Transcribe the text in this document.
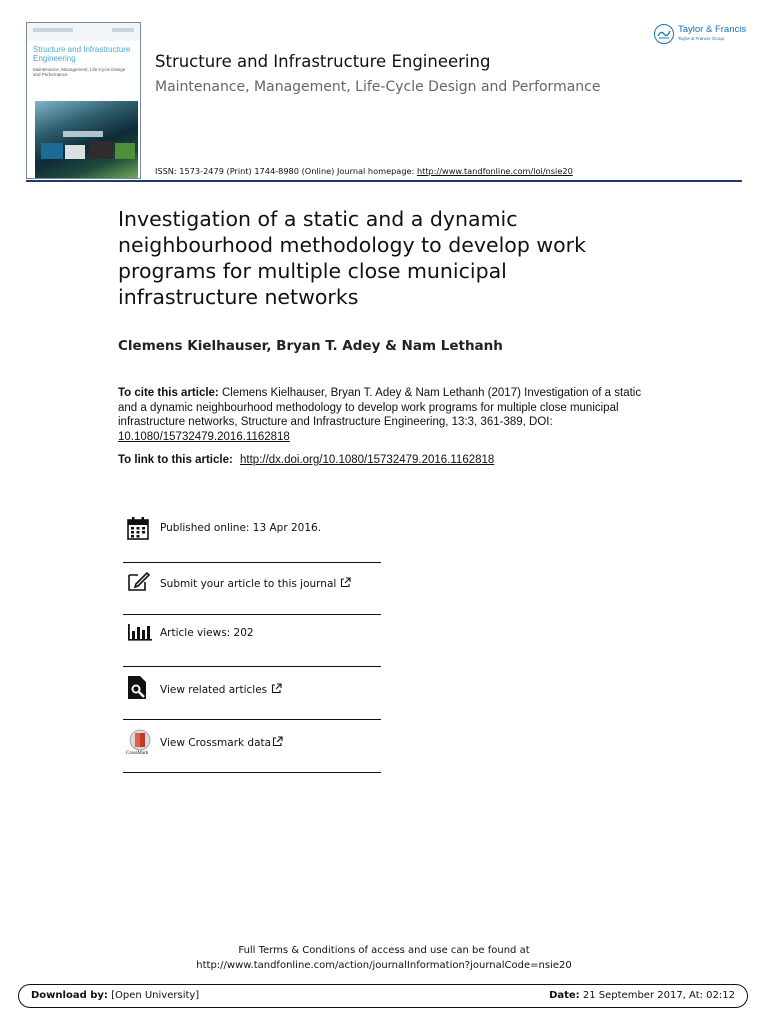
Structure and Infrastructure Engineering
Maintenance, Management, Life-Cycle Design and Performance
Structure and Infrastructure Engineering
Maintenance, Management, Life-Cycle Design and Performance
ISSN: 1573-2479 (Print) 1744-8980 (Online) Journal homepage: http://www.tandfonline.com/loi/nsie20
Taylor & Francis
Taylor & Francis Group
Investigation of a static and a dynamic neighbourhood methodology to develop work programs for multiple close municipal infrastructure networks
Clemens Kielhauser, Bryan T. Adey & Nam Lethanh
To cite this article: Clemens Kielhauser, Bryan T. Adey & Nam Lethanh (2017) Investigation of a static and a dynamic neighbourhood methodology to develop work programs for multiple close municipal infrastructure networks, Structure and Infrastructure Engineering, 13:3, 361-389, DOI: 10.1080/15732479.2016.1162818
To link to this article: http://dx.doi.org/10.1080/15732479.2016.1162818
Published online: 13 Apr 2016.
Submit your article to this journal
Article views: 202
View related articles
CrossMark
View Crossmark data
Full Terms & Conditions of access and use can be found at
http://www.tandfonline.com/action/journalInformation?journalCode=nsie20
Download by: [Open University]	Date: 21 September 2017, At: 02:12
